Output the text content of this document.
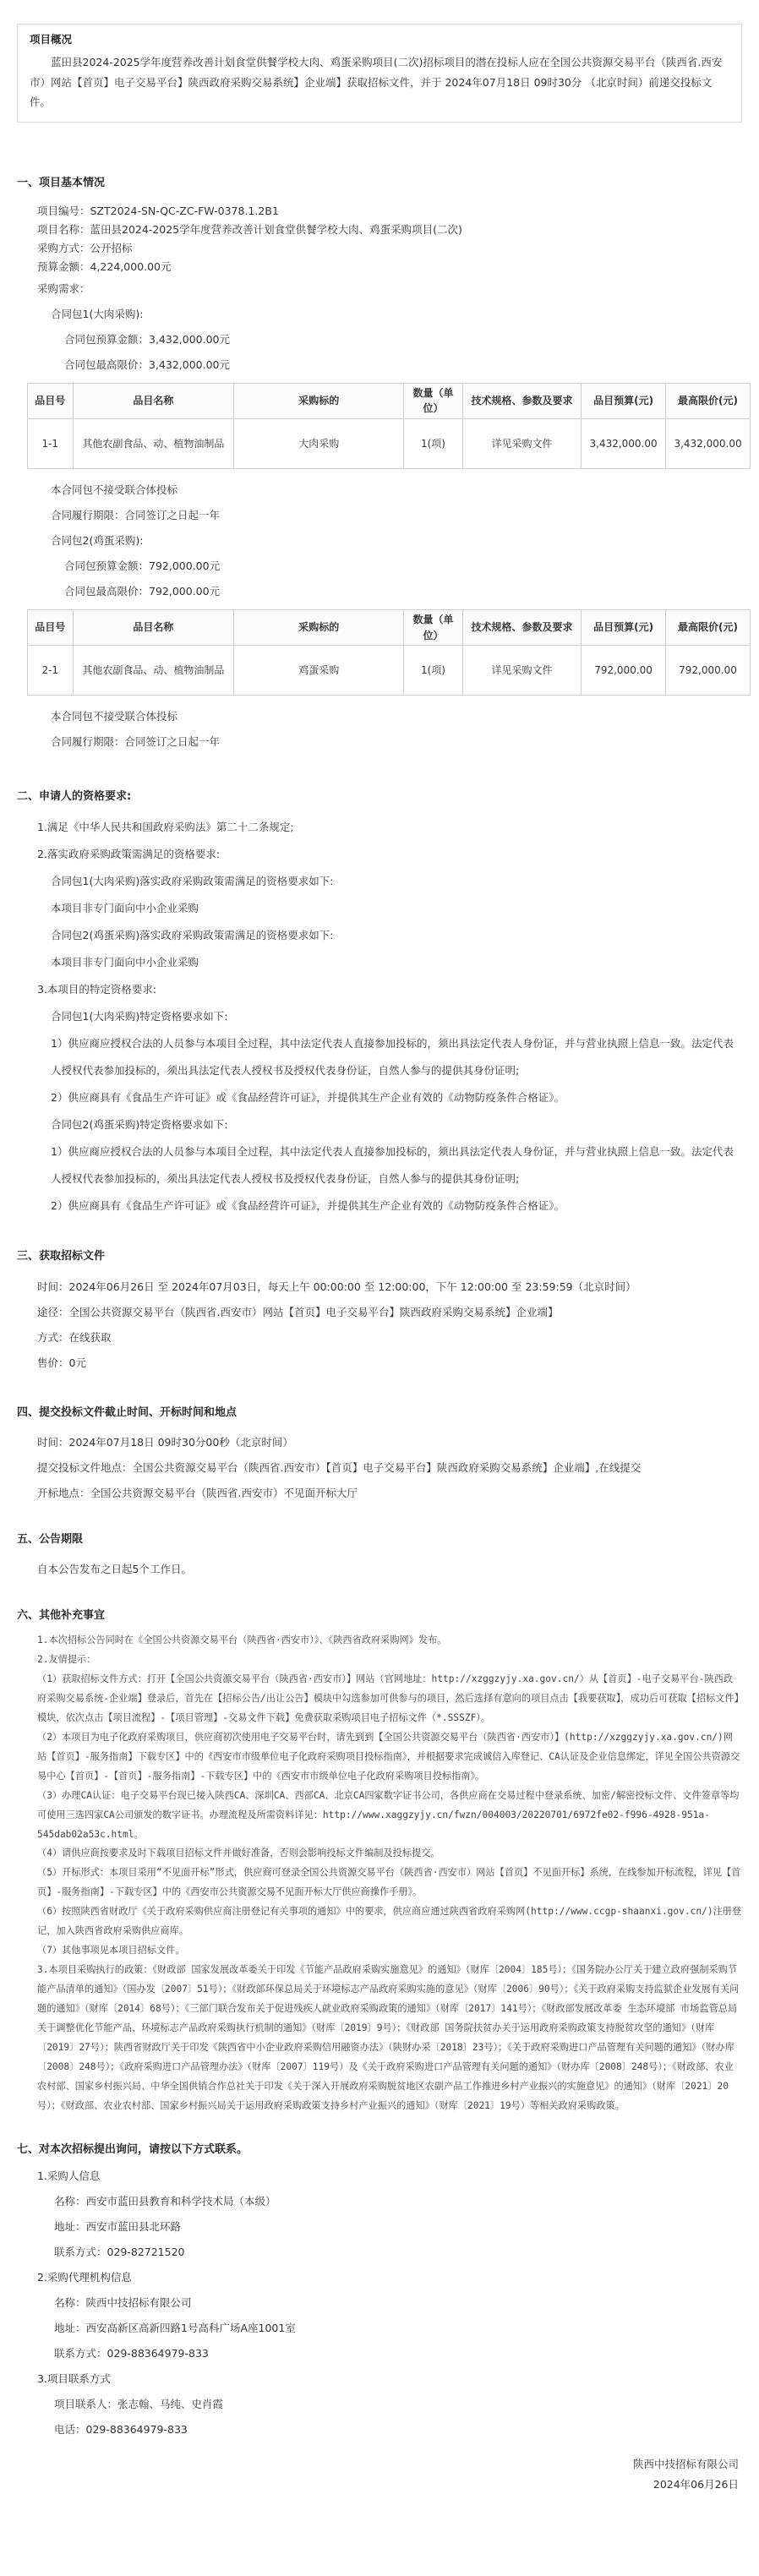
项目概况

蓝田县2024-2025学年度营养改善计划食堂供餐学校大肉、鸡蛋采购项目(二次)招标项目的潜在投标人应在全国公共资源交易平台（陕西省.西安市）网站【首页】电子交易平台】陕西政府采购交易系统】企业端】获取招标文件，并于 2024年07月18日 09时30分 （北京时间）前递交投标文件。

一、项目基本情况

项目编号：SZT2024-SN-QC-ZC-FW-0378.1.2B1

项目名称：蓝田县2024-2025学年度营养改善计划食堂供餐学校大肉、鸡蛋采购项目(二次)

采购方式：公开招标

预算金额：4,224,000.00元

采购需求：

合同包1(大肉采购):

合同包预算金额：3,432,000.00元

合同包最高限价：3,432,000.00元

品目号	品目名称	采购标的	数量（单位）	技术规格、参数及要求	品目预算(元)	最高限价(元)
1-1	其他农副食品、动、植物油制品	大肉采购	1(项)	详见采购文件	3,432,000.00	3,432,000.00

本合同包不接受联合体投标

合同履行期限：合同签订之日起一年

合同包2(鸡蛋采购):

合同包预算金额：792,000.00元

合同包最高限价：792,000.00元

品目号	品目名称	采购标的	数量（单位）	技术规格、参数及要求	品目预算(元)	最高限价(元)
2-1	其他农副食品、动、植物油制品	鸡蛋采购	1(项)	详见采购文件	792,000.00	792,000.00

本合同包不接受联合体投标

合同履行期限：合同签订之日起一年

二、申请人的资格要求:

1.满足《中华人民共和国政府采购法》第二十二条规定;

2.落实政府采购政策需满足的资格要求:

合同包1(大肉采购)落实政府采购政策需满足的资格要求如下:

本项目非专门面向中小企业采购

合同包2(鸡蛋采购)落实政府采购政策需满足的资格要求如下:

本项目非专门面向中小企业采购

3.本项目的特定资格要求:

合同包1(大肉采购)特定资格要求如下:

1）供应商应授权合法的人员参与本项目全过程，其中法定代表人直接参加投标的，须出具法定代表人身份证，并与营业执照上信息一致。法定代表人授权代表参加投标的，须出具法定代表人授权书及授权代表身份证，自然人参与的提供其身份证明;

2）供应商具有《食品生产许可证》或《食品经营许可证》，并提供其生产企业有效的《动物防疫条件合格证》。

合同包2(鸡蛋采购)特定资格要求如下:

1）供应商应授权合法的人员参与本项目全过程，其中法定代表人直接参加投标的，须出具法定代表人身份证，并与营业执照上信息一致。法定代表人授权代表参加投标的，须出具法定代表人授权书及授权代表身份证，自然人参与的提供其身份证明;

2）供应商具有《食品生产许可证》或《食品经营许可证》，并提供其生产企业有效的《动物防疫条件合格证》。

三、获取招标文件

时间：2024年06月26日 至 2024年07月03日，每天上午 00:00:00 至 12:00:00，下午 12:00:00 至 23:59:59（北京时间）

途径：全国公共资源交易平台（陕西省.西安市）网站【首页】电子交易平台】陕西政府采购交易系统】企业端】

方式：在线获取

售价：0元

四、提交投标文件截止时间、开标时间和地点

时间：2024年07月18日 09时30分00秒（北京时间）

提交投标文件地点：全国公共资源交易平台（陕西省.西安市）【首页】电子交易平台】陕西政府采购交易系统】企业端】,在线提交

开标地点：全国公共资源交易平台（陕西省.西安市）不见面开标大厅

五、公告期限

自本公告发布之日起5个工作日。

六、其他补充事宜

1.本次招标公告同时在《全国公共资源交易平台（陕西省·西安市）》、《陕西省政府采购网》发布。

2.友情提示：

（1）获取招标文件方式：打开【全国公共资源交易平台（陕西省·西安市）】网站（官网地址：http://xzggzyjy.xa.gov.cn/）从【首页】-电子交易平台-陕西政府采购交易系统-企业端】登录后，首先在【招标公告/出让公告】模块中勾选参加可供参与的项目，然后选择有意向的项目点击【我要获取】，成功后可获取【招标文件】模块，依次点击【项目流程】-【项目管理】-交易文件下载】免费获取采购项目电子招标文件（*.SSSZF）。

（2）本项目为电子化政府采购项目，供应商初次使用电子交易平台时，请先到到【全国公共资源交易平台（陕西省·西安市）】(http://xzggzyjy.xa.gov.cn/)网站【首页】-服务指南】下载专区】中的《西安市市级单位电子化政府采购项目投标指南》，并根据要求完成诚信入库登记、CA认证及企业信息绑定，详见全国公共资源交易中心【首页】-【首页】-服务指南】-下载专区】中的《西安市市级单位电子化政府采购项目投标指南》。

（3）办理CA认证：电子交易平台现已接入陕西CA、深圳CA、西部CA、北京CA四家数字证书公司，各供应商在交易过程中登录系统、加密/解密投标文件、文件签章等均可使用三选四家CA公司颁发的数字证书。办理流程及所需资料详见：http://www.xaggzyjy.cn/fwzn/004003/20220701/6972fe02-f996-4928-951a-545dab02a53c.html。

（4）请供应商按要求及时下载项目招标文件并做好准备，否则会影响投标文件编制及投标提交。

（5）开标形式：本项目采用“不见面开标”形式，供应商可登录全国公共资源交易平台（陕西省·西安市）网站【首页】不见面开标】系统，在线参加开标流程，详见【首页】-服务指南】-下载专区】中的《西安市公共资源交易不见面开标大厅供应商操作手册》。

（6）按照陕西省财政厅《关于政府采购供应商注册登记有关事项的通知》中的要求，供应商应通过陕西省政府采购网(http://www.ccgp-shaanxi.gov.cn/)注册登记，加入陕西省政府采购供应商库。

（7）其他事项见本项目招标文件。

3.本项目采购执行的政策：《财政部 国家发展改革委关于印发《节能产品政府采购实施意见》的通知》（财库〔2004〕185号）；《国务院办公厅关于建立政府强制采购节能产品清单的通知》（国办发〔2007〕51号）；《财政部环保总局关于环境标志产品政府采购实施的意见》（财库〔2006〕90号）；《关于政府采购支持监狱企业发展有关问题的通知》（财库〔2014〕68号）；《三部门联合发布关于促进残疾人就业政府采购政策的通知》（财库〔2017〕141号）；《财政部发展改革委 生态环境部 市场监管总局关于调整优化节能产品、环境标志产品政府采购执行机制的通知》（财库〔2019〕9号）；《财政部 国务院扶贫办关于运用政府采购政策支持脱贫攻坚的通知》（财库〔2019〕27号）；陕西省财政厅关于印发《陕西省中小企业政府采购信用融资办法》（陕财办采〔2018〕23号）；《关于政府采购进口产品管理有关问题的通知》（财办库〔2008〕248号）；《政府采购进口产品管理办法》（财库〔2007〕119号）及《关于政府采购进口产品管理有关问题的通知》（财办库〔2008〕248号）；《财政部、农业农村部、国家乡村振兴局、中华全国供销合作总社关于印发《关于深入开展政府采购脱贫地区农副产品工作推进乡村产业振兴的实施意见》的通知》（财库〔2021〕20号）；《财政部、农业农村部、国家乡村振兴局关于运用政府采购政策支持乡村产业振兴的通知》（财库〔2021〕19号）等相关政府采购政策。

七、对本次招标提出询问，请按以下方式联系。

1.采购人信息

名称：西安市蓝田县教育和科学技术局（本级）

地址：西安市蓝田县北环路

联系方式：029-82721520

2.采购代理机构信息

名称：陕西中技招标有限公司

地址：西安高新区高新四路1号高科广场A座1001室

联系方式：029-88364979-833

3.项目联系方式

项目联系人：张志翰、马纯、史肖霞

电话：029-88364979-833

陕西中技招标有限公司

2024年06月26日
